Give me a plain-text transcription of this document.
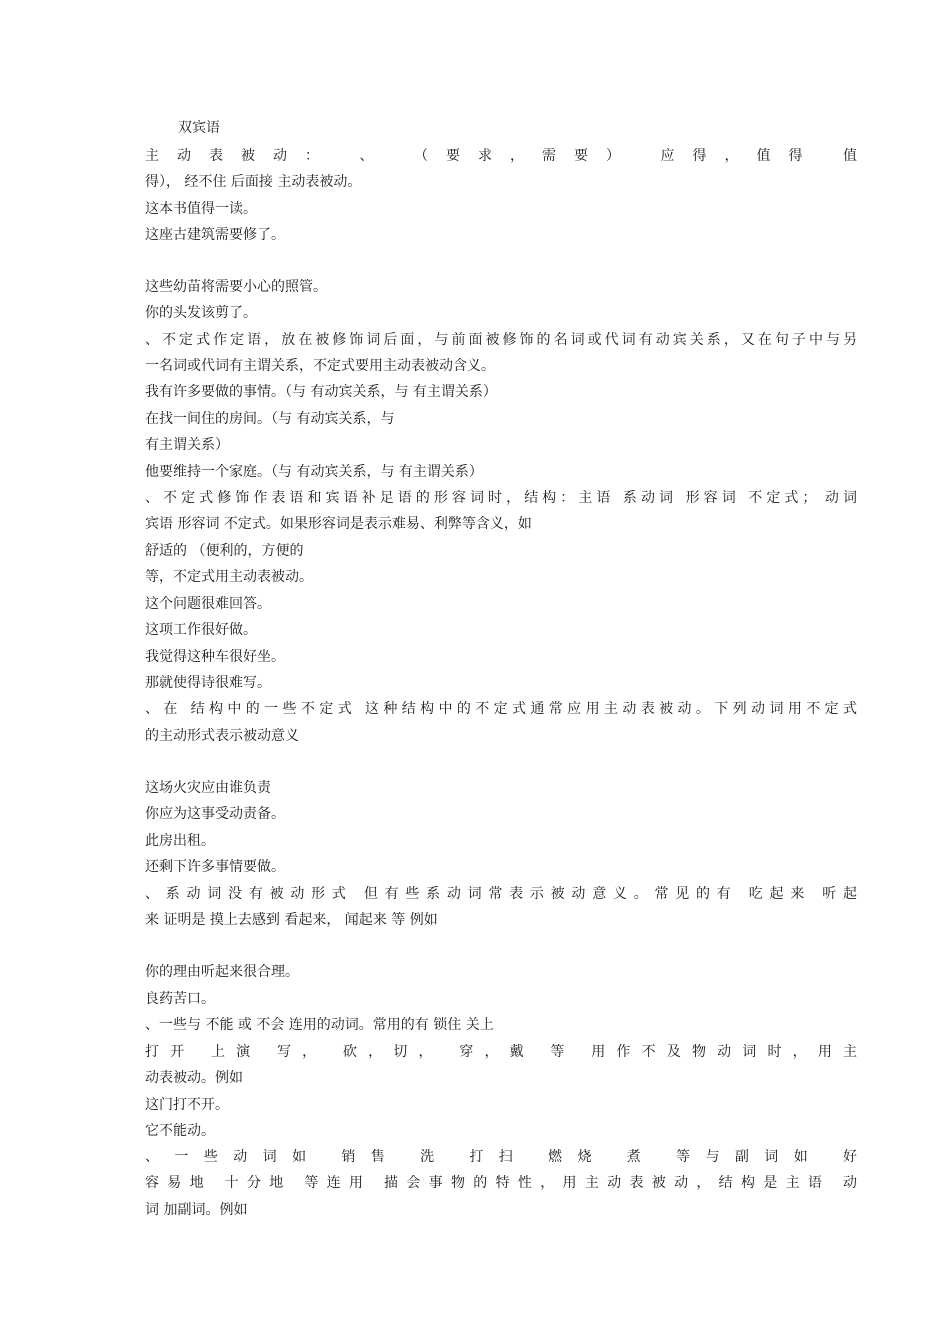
双宾语
主动表被动： 、 （要求，需要） 应得，值得 值
得）， 经不住 后面接 主动表被动。
这本书值得一读。
这座古建筑需要修了。
这些幼苗将需要小心的照管。
你的头发该剪了。
、不定式作定语，放在被修饰词后面，与前面被修饰的名词或代词有动宾关系，又在句子中与另
一名词或代词有主谓关系，不定式要用主动表被动含义。
我有许多要做的事情。（与 有动宾关系，与 有主谓关系）
在找一间住的房间。（与 有动宾关系，与
有主谓关系）
他要维持一个家庭。（与 有动宾关系，与 有主谓关系）
、不定式修饰作表语和宾语补足语的形容词时，结构：主语 系动词 形容词 不定式； 动词
宾语 形容词 不定式。如果形容词是表示难易、利弊等含义，如
舒适的 （便利的，方便的
等，不定式用主动表被动。
这个问题很难回答。
这项工作很好做。
我觉得这种车很好坐。
那就使得诗很难写。
、在 结构中的一些不定式 这种结构中的不定式通常应用主动表被动。下列动词用不定式
的主动形式表示被动意义
这场火灾应由谁负责
你应为这事受动责备。
此房出租。
还剩下许多事情要做。
、系动词没有被动形式 但有些系动词常表示被动意义。常见的有 吃起来 听起
来 证明是 摸上去感到 看起来， 闻起来 等 例如
你的理由听起来很合理。
良药苦口。
、一些与 不能 或 不会 连用的动词。常用的有 锁住 关上
打开 上演 写， 砍，切， 穿，戴 等 用作不及物动词时，用主
动表被动。例如
这门打不开。
它不能动。
、一些动词如 销售 洗 打扫 燃烧 煮 等与副词如 好
容易地 十分地 等连用 描会事物的特性，用主动表被动，结构是主语 动
词 加副词。例如
